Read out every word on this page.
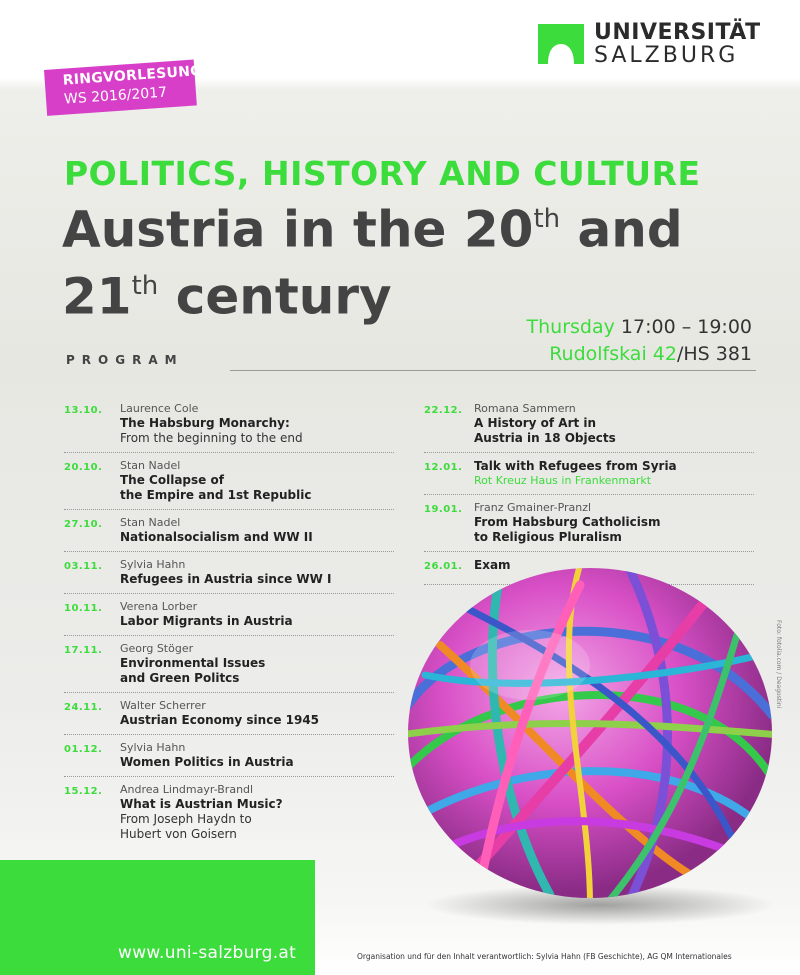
UNIVERSITÄT
SALZBURG
RINGVORLESUNG
WS 2016/2017
POLITICS, HISTORY AND CULTURE
Austria in the 20th and
21th century
Thursday 17:00 – 19:00
Rudolfskai 42/HS 381
PROGRAM
13.10. Laurence Cole
The Habsburg Monarchy:
From the beginning to the end
20.10. Stan Nadel
The Collapse of
the Empire and 1st Republic
27.10. Stan Nadel
Nationalsocialism and WW II
03.11. Sylvia Hahn
Refugees in Austria since WW I
10.11. Verena Lorber
Labor Migrants in Austria
17.11. Georg Stöger
Environmental Issues
and Green Politcs
24.11. Walter Scherrer
Austrian Economy since 1945
01.12. Sylvia Hahn
Women Politics in Austria
15.12. Andrea Lindmayr-Brandl
What is Austrian Music?
From Joseph Haydn to
Hubert von Goisern
22.12. Romana Sammern
A History of Art in
Austria in 18 Objects
12.01. Talk with Refugees from Syria
Rot Kreuz Haus in Frankenmarkt
19.01. Franz Gmainer-Pranzl
From Habsburg Catholicism
to Religious Pluralism
26.01. Exam
Foto: fotolia.com / Deagostini
www.uni-salzburg.at	Organisation und für den Inhalt verantwortlich: Sylvia Hahn (FB Geschichte), AG QM Internationales
